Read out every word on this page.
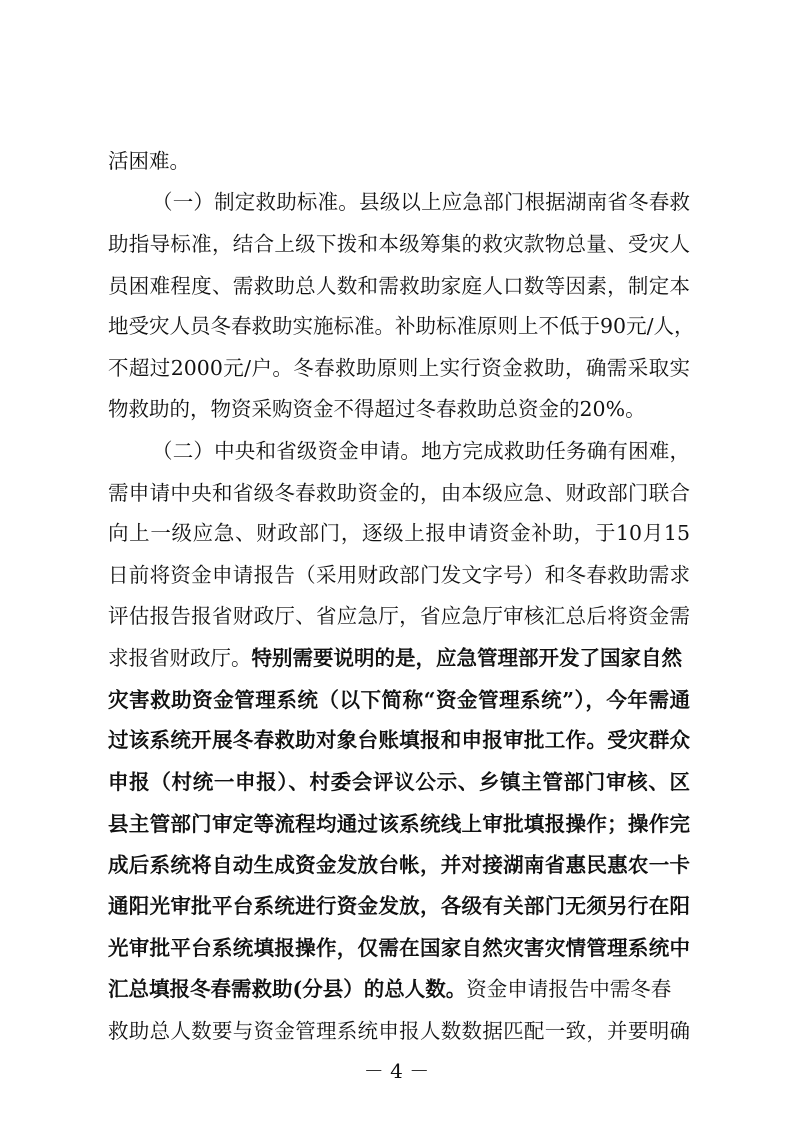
活困难。
（一）制定救助标准。县级以上应急部门根据湖南省冬春救
助指导标准，结合上级下拨和本级筹集的救灾款物总量、受灾人
员困难程度、需救助总人数和需救助家庭人口数等因素，制定本
地受灾人员冬春救助实施标准。补助标准原则上不低于90元/人，
不超过2000元/户。冬春救助原则上实行资金救助，确需采取实
物救助的，物资采购资金不得超过冬春救助总资金的20%。
（二）中央和省级资金申请。地方完成救助任务确有困难，
需申请中央和省级冬春救助资金的，由本级应急、财政部门联合
向上一级应急、财政部门，逐级上报申请资金补助，于10月15
日前将资金申请报告（采用财政部门发文字号）和冬春救助需求
评估报告报省财政厅、省应急厅，省应急厅审核汇总后将资金需
求报省财政厅。特别需要说明的是，应急管理部开发了国家自然
灾害救助资金管理系统（以下简称“资金管理系统”），今年需通
过该系统开展冬春救助对象台账填报和申报审批工作。受灾群众
申报（村统一申报）、村委会评议公示、乡镇主管部门审核、区
县主管部门审定等流程均通过该系统线上审批填报操作；操作完
成后系统将自动生成资金发放台帐，并对接湖南省惠民惠农一卡
通阳光审批平台系统进行资金发放，各级有关部门无须另行在阳
光审批平台系统填报操作，仅需在国家自然灾害灾情管理系统中
汇总填报冬春需救助(分县）的总人数。资金申请报告中需冬春
救助总人数要与资金管理系统申报人数数据匹配一致，并要明确
－ 4 －
